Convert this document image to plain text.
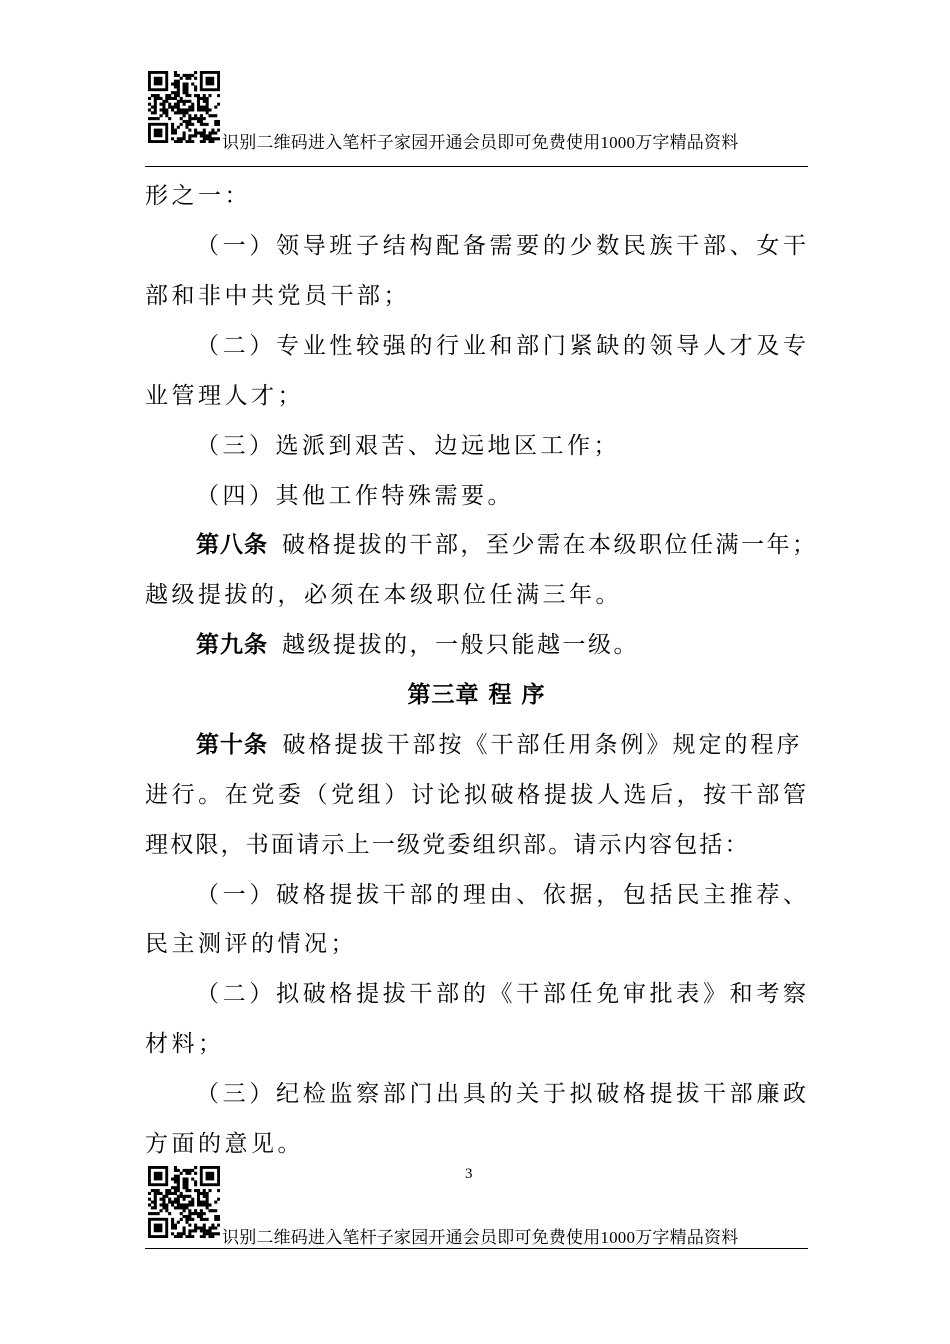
识别二维码进入笔杆子家园开通会员即可免费使用1000万字精品资料
形之一：
（一）领导班子结构配备需要的少数民族干部、女干
部和非中共党员干部；
（二）专业性较强的行业和部门紧缺的领导人才及专
业管理人才；
（三）选派到艰苦、边远地区工作；
（四）其他工作特殊需要。
第八条  破格提拔的干部，至少需在本级职位任满一年；
越级提拔的，必须在本级职位任满三年。
第九条  越级提拔的，一般只能越一级。
第三章 程 序
第十条  破格提拔干部按《干部任用条例》规定的程序
进行。在党委（党组）讨论拟破格提拔人选后，按干部管
理权限，书面请示上一级党委组织部。请示内容包括：
（一）破格提拔干部的理由、依据，包括民主推荐、
民主测评的情况；
（二）拟破格提拔干部的《干部任免审批表》和考察
材料；
（三）纪检监察部门出具的关于拟破格提拔干部廉政
方面的意见。
3
识别二维码进入笔杆子家园开通会员即可免费使用1000万字精品资料
